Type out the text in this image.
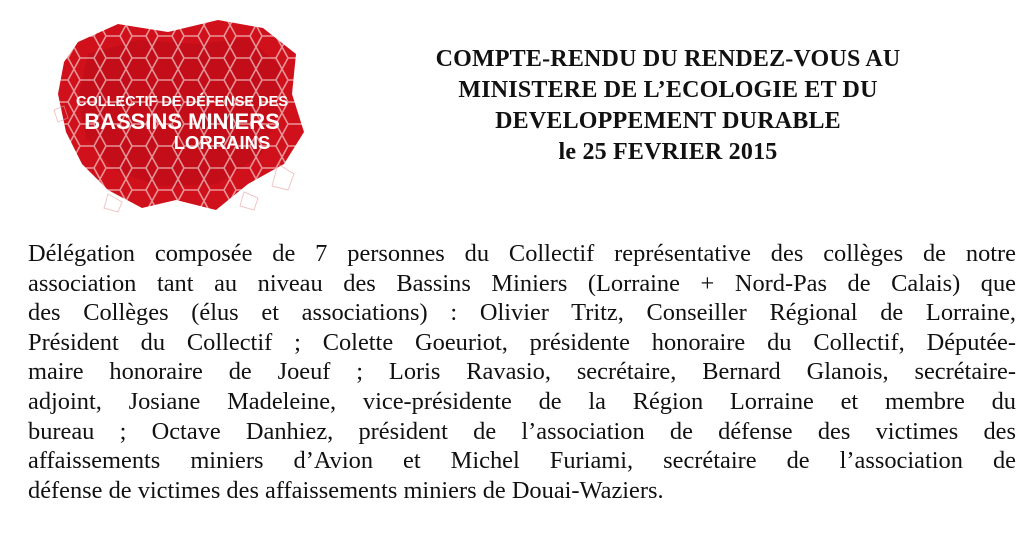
COLLECTIF DE DÉFENSE DES
BASSINS MINIERS
LORRAINS
COMPTE-RENDU DU RENDEZ-VOUS AU
MINISTERE DE L’ECOLOGIE ET DU
DEVELOPPEMENT DURABLE
le 25 FEVRIER 2015
Délégation composée de 7 personnes du Collectif représentative des collèges de notre
association tant au niveau des Bassins Miniers (Lorraine + Nord-Pas de Calais) que
des Collèges (élus et associations) : Olivier Tritz, Conseiller Régional de Lorraine,
Président du Collectif ; Colette Goeuriot, présidente honoraire du Collectif, Députée-
maire honoraire de Joeuf ; Loris Ravasio, secrétaire, Bernard Glanois, secrétaire-
adjoint, Josiane Madeleine, vice-présidente de la Région Lorraine et membre du
bureau ; Octave Danhiez, président de l’association de défense des victimes des
affaissements miniers d’Avion et Michel Furiami, secrétaire de l’association de
défense de victimes des affaissements miniers de Douai-Waziers.
